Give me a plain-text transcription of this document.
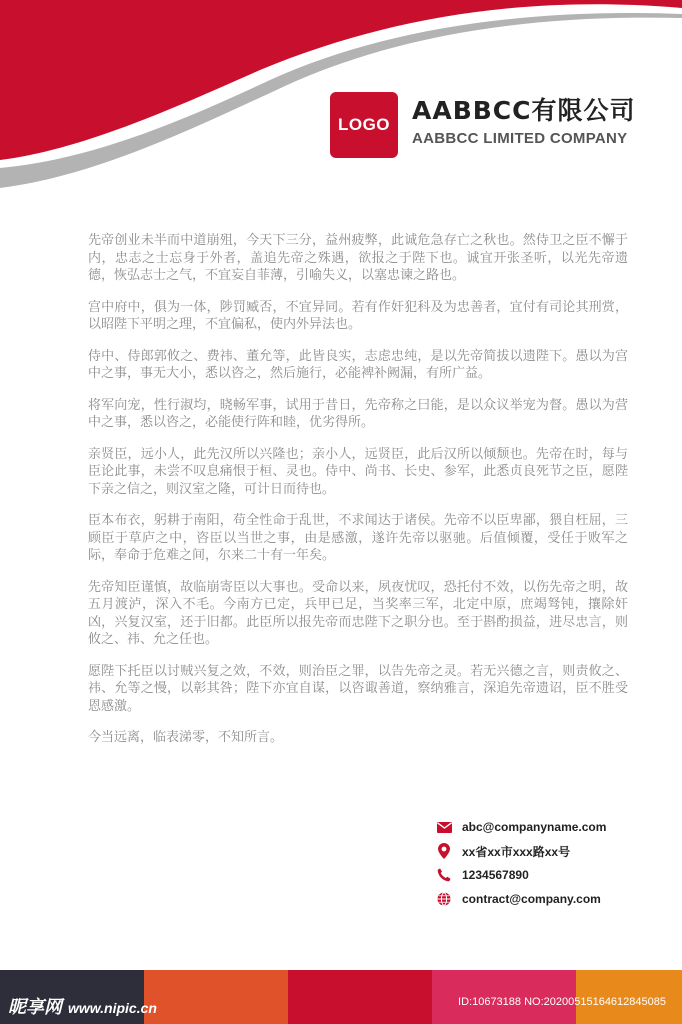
LOGO AABBCC有限公司
AABBCC LIMITED COMPANY

先帝创业未半而中道崩殂，今天下三分，益州疲弊，此诚危急存亡之秋也。然侍卫之臣不懈于内，忠志之士忘身于外者，盖追先帝之殊遇，欲报之于陛下也。诚宜开张圣听，以光先帝遗德，恢弘志士之气，不宜妄自菲薄，引喻失义，以塞忠谏之路也。

宫中府中，俱为一体，陟罚臧否，不宜异同。若有作奸犯科及为忠善者，宜付有司论其刑赏，以昭陛下平明之理，不宜偏私，使内外异法也。

侍中、侍郎郭攸之、费祎、董允等，此皆良实，志虑忠纯，是以先帝简拔以遗陛下。愚以为宫中之事，事无大小，悉以咨之，然后施行，必能裨补阙漏，有所广益。

将军向宠，性行淑均，晓畅军事，试用于昔日，先帝称之曰能，是以众议举宠为督。愚以为营中之事，悉以咨之，必能使行阵和睦，优劣得所。

亲贤臣，远小人，此先汉所以兴隆也；亲小人，远贤臣，此后汉所以倾颓也。先帝在时，每与臣论此事，未尝不叹息痛恨于桓、灵也。侍中、尚书、长史、参军，此悉贞良死节之臣，愿陛下亲之信之，则汉室之隆，可计日而待也。

臣本布衣，躬耕于南阳，苟全性命于乱世，不求闻达于诸侯。先帝不以臣卑鄙，猥自枉屈，三顾臣于草庐之中，咨臣以当世之事，由是感激，遂许先帝以驱驰。后值倾覆，受任于败军之际，奉命于危难之间，尔来二十有一年矣。

先帝知臣谨慎，故临崩寄臣以大事也。受命以来，夙夜忧叹，恐托付不效，以伤先帝之明，故五月渡泸，深入不毛。今南方已定，兵甲已足，当奖率三军，北定中原，庶竭驽钝，攘除奸凶，兴复汉室，还于旧都。此臣所以报先帝而忠陛下之职分也。至于斟酌损益，进尽忠言，则攸之、祎、允之任也。

愿陛下托臣以讨贼兴复之效，不效，则治臣之罪，以告先帝之灵。若无兴德之言，则责攸之、祎、允等之慢，以彰其咎；陛下亦宜自谋，以咨诹善道，察纳雅言，深追先帝遗诏，臣不胜受恩感激。

今当远离，临表涕零，不知所言。

abc@companyname.com
xx省xx市xxx路xx号
1234567890
contract@company.com
昵享网 www.nipic.cn	ID:10673188 NO:20200515164612845085
